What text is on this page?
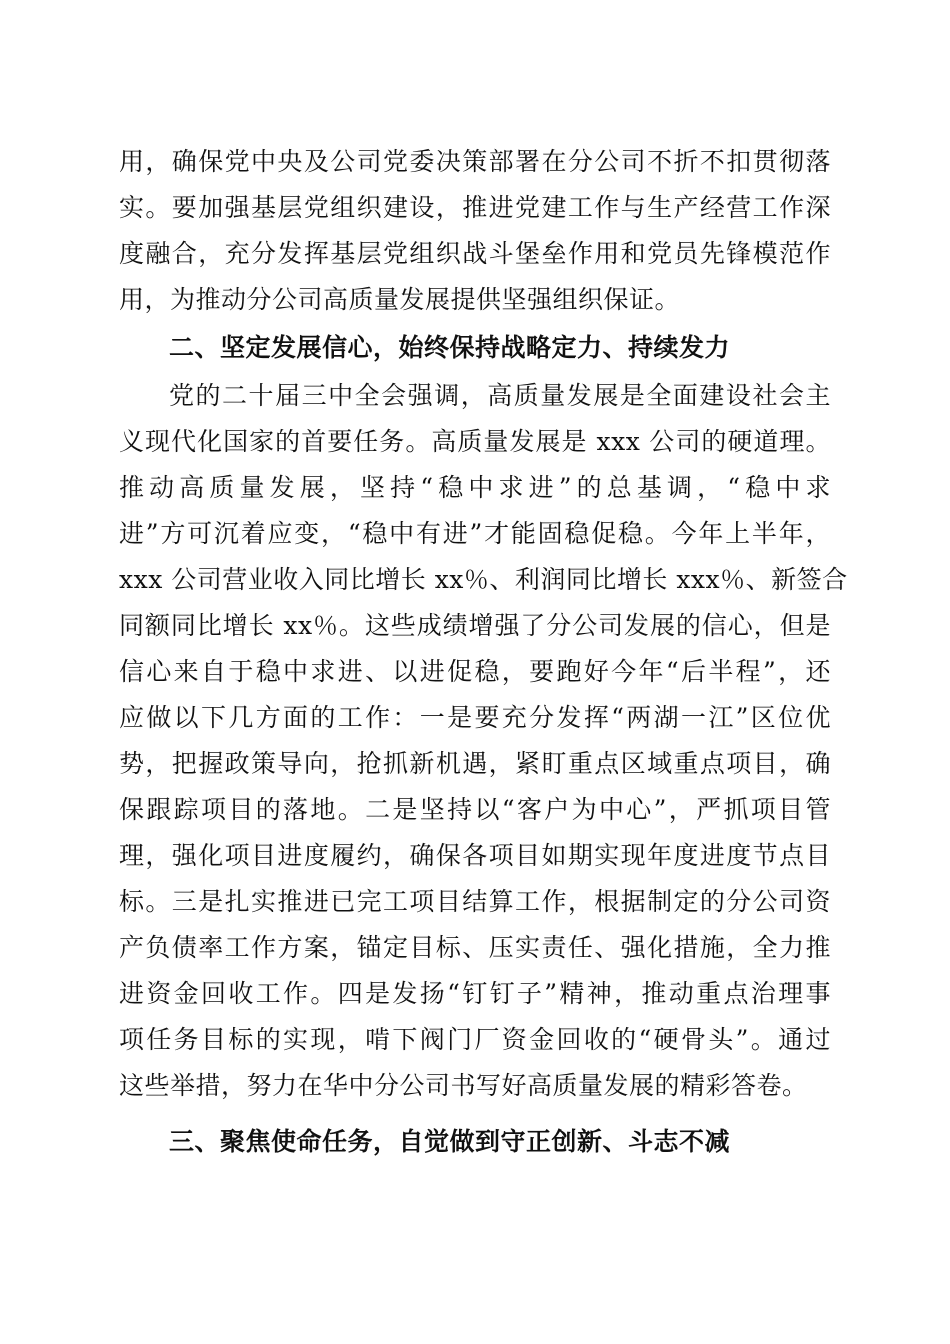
用，确保党中央及公司党委决策部署在分公司不折不扣贯彻落
实。要加强基层党组织建设，推进党建工作与生产经营工作深
度融合，充分发挥基层党组织战斗堡垒作用和党员先锋模范作
用，为推动分公司高质量发展提供坚强组织保证。
二、坚定发展信心，始终保持战略定力、持续发力
党的二十届三中全会强调，高质量发展是全面建设社会主
义现代化国家的首要任务。高质量发展是 xxx 公司的硬道理。
推动高质量发展，坚持“稳中求进”的总基调，“稳中求
进”方可沉着应变，“稳中有进”才能固稳促稳。今年上半年，
xxx 公司营业收入同比增长 xx％、利润同比增长 xxx％、新签合
同额同比增长 xx％。这些成绩增强了分公司发展的信心，但是
信心来自于稳中求进、以进促稳，要跑好今年“后半程”，还
应做以下几方面的工作：一是要充分发挥“两湖一江”区位优
势，把握政策导向，抢抓新机遇，紧盯重点区域重点项目，确
保跟踪项目的落地。二是坚持以“客户为中心”，严抓项目管
理，强化项目进度履约，确保各项目如期实现年度进度节点目
标。三是扎实推进已完工项目结算工作，根据制定的分公司资
产负债率工作方案，锚定目标、压实责任、强化措施，全力推
进资金回收工作。四是发扬“钉钉子”精神，推动重点治理事
项任务目标的实现，啃下阀门厂资金回收的“硬骨头”。通过
这些举措，努力在华中分公司书写好高质量发展的精彩答卷。
三、聚焦使命任务，自觉做到守正创新、斗志不减
